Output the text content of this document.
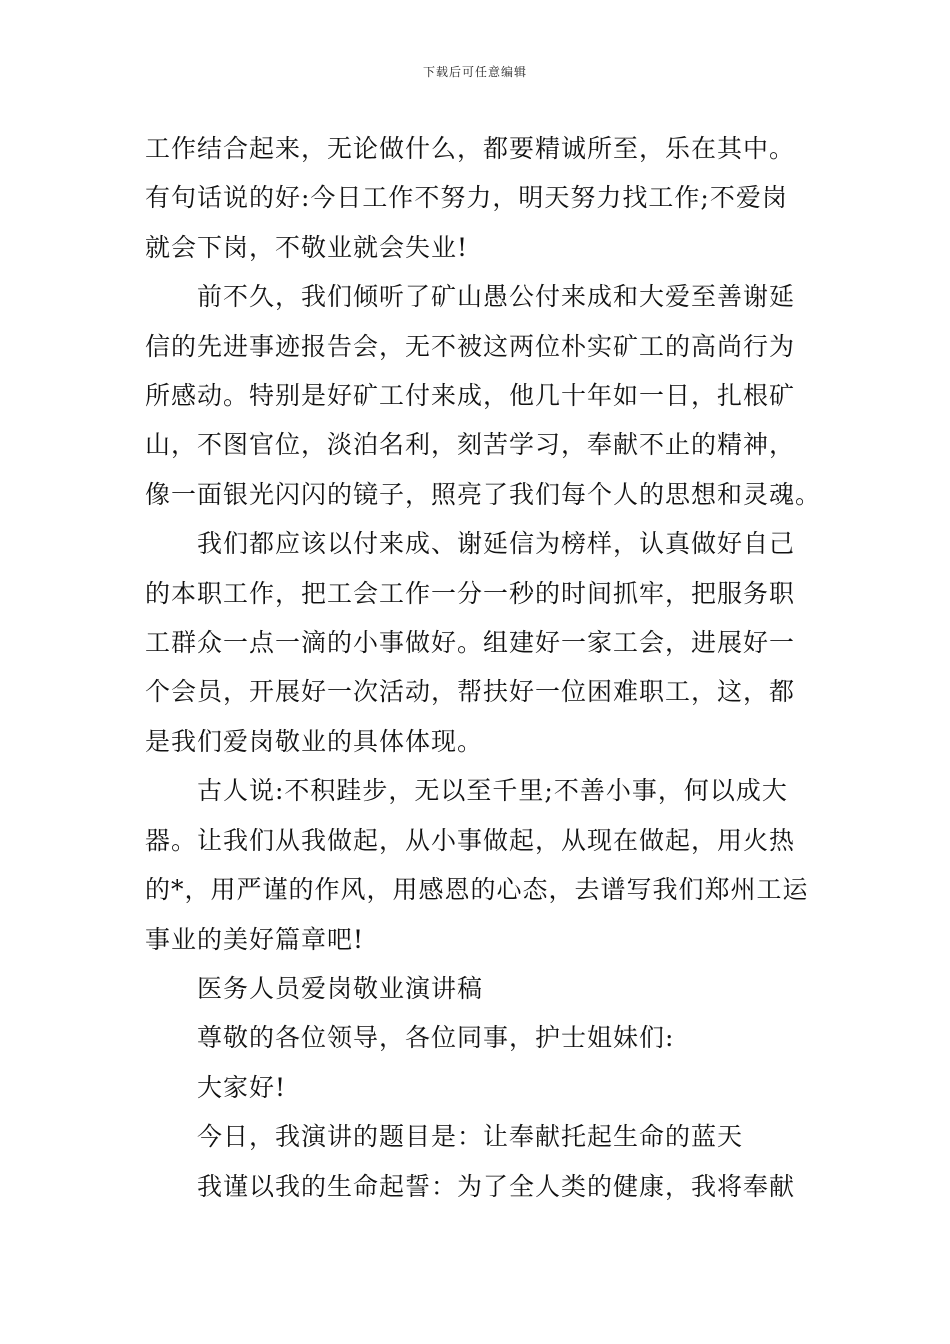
下载后可任意编辑

工作结合起来，无论做什么，都要精诚所至，乐在其中。
有句话说的好:今日工作不努力，明天努力找工作;不爱岗
就会下岗，不敬业就会失业!

前不久，我们倾听了矿山愚公付来成和大爱至善谢延
信的先进事迹报告会，无不被这两位朴实矿工的高尚行为
所感动。特别是好矿工付来成，他几十年如一日，扎根矿
山，不图官位，淡泊名利，刻苦学习，奉献不止的精神，
像一面银光闪闪的镜子，照亮了我们每个人的思想和灵魂。

我们都应该以付来成、谢延信为榜样，认真做好自己
的本职工作，把工会工作一分一秒的时间抓牢，把服务职
工群众一点一滴的小事做好。组建好一家工会，进展好一
个会员，开展好一次活动，帮扶好一位困难职工，这，都
是我们爱岗敬业的具体体现。

古人说:不积跬步，无以至千里;不善小事，何以成大
器。让我们从我做起，从小事做起，从现在做起，用火热
的*，用严谨的作风，用感恩的心态，去谱写我们郑州工运
事业的美好篇章吧!

医务人员爱岗敬业演讲稿

尊敬的各位领导，各位同事，护士姐妹们:

大家好!

今日，我演讲的题目是：让奉献托起生命的蓝天

我谨以我的生命起誓：为了全人类的健康，我将奉献
